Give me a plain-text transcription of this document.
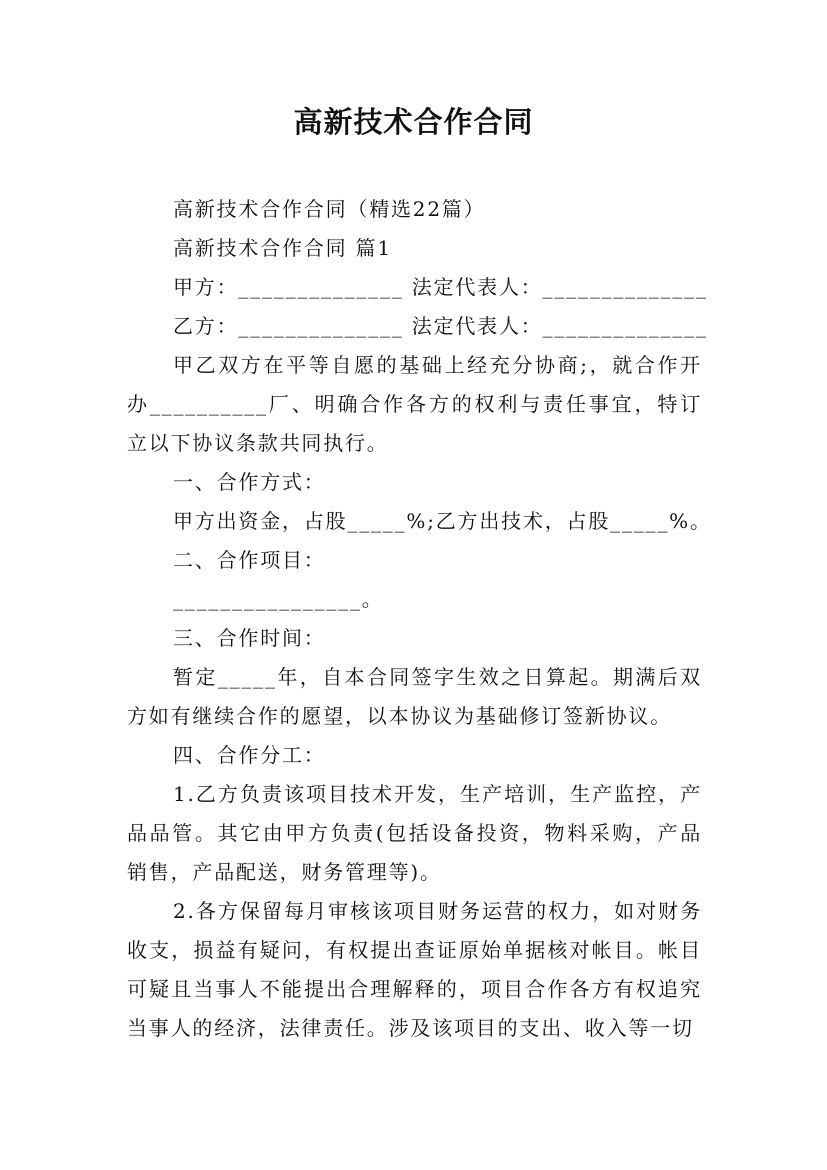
高新技术合作合同

高新技术合作合同（精选22篇）

高新技术合作合同 篇1

甲方：______________ 法定代表人：______________

乙方：______________ 法定代表人：______________

甲乙双方在平等自愿的基础上经充分协商;，就合作开办__________厂、明确合作各方的权利与责任事宜，特订立以下协议条款共同执行。

一、合作方式：

甲方出资金，占股_____%;乙方出技术，占股_____%。

二、合作项目：

________________。

三、合作时间：

暂定_____年，自本合同签字生效之日算起。期满后双方如有继续合作的愿望，以本协议为基础修订签新协议。

四、合作分工：

1.乙方负责该项目技术开发，生产培训，生产监控，产品品管。其它由甲方负责(包括设备投资，物料采购，产品销售，产品配送，财务管理等)。

2.各方保留每月审核该项目财务运营的权力，如对财务收支，损益有疑问，有权提出查证原始单据核对帐目。帐目可疑且当事人不能提出合理解释的，项目合作各方有权追究当事人的经济，法律责任。涉及该项目的支出、收入等一切
